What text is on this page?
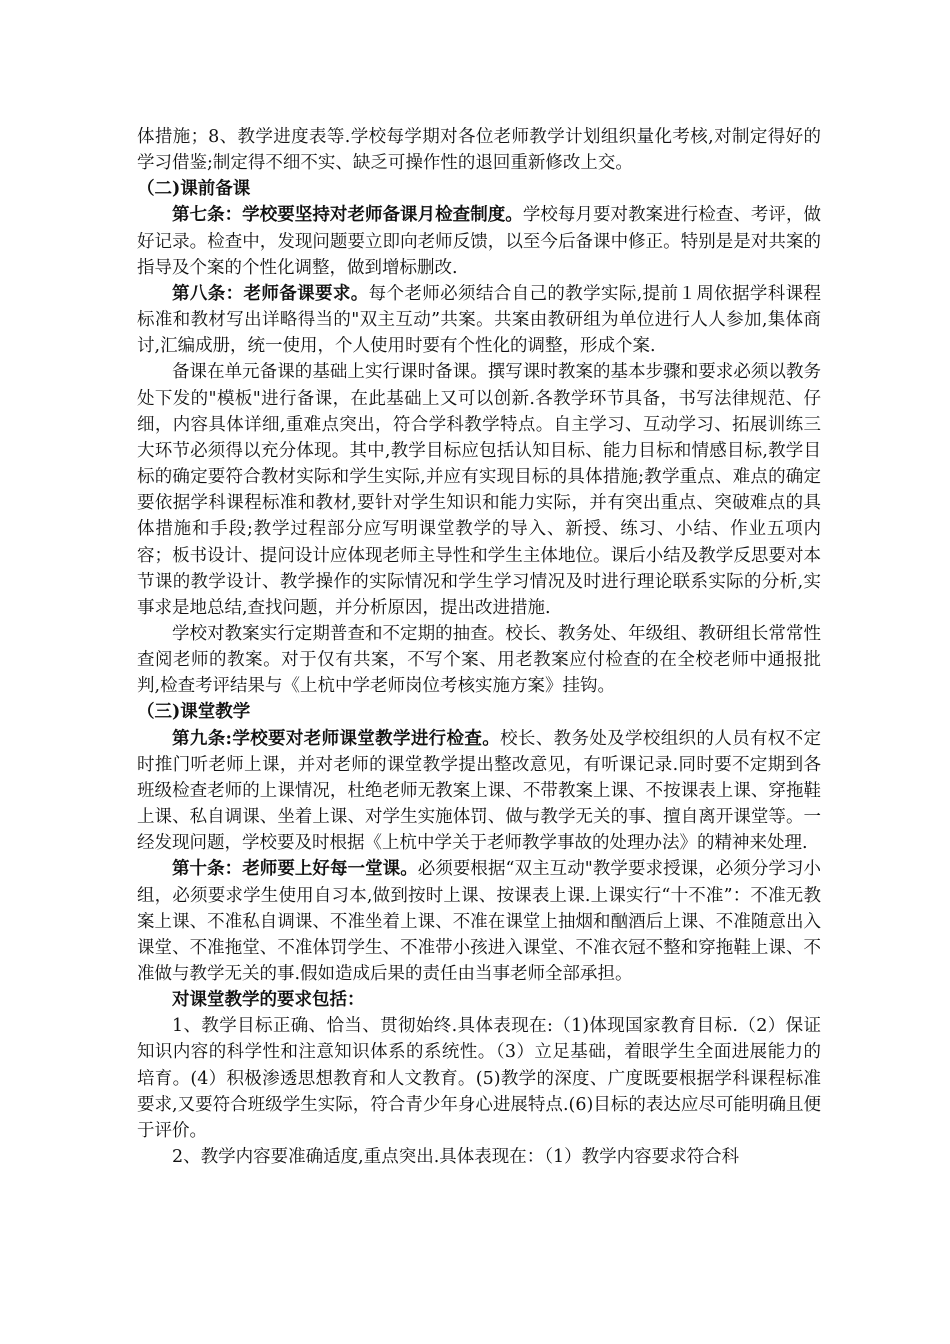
体措施；8、教学进度表等.学校每学期对各位老师教学计划组织量化考核,对制定得好的学习借鉴;制定得不细不实、缺乏可操作性的退回重新修改上交。

（二)课前备课

第七条：学校要坚持对老师备课月检查制度。学校每月要对教案进行检查、考评，做好记录。检查中，发现问题要立即向老师反馈，以至今后备课中修正。特别是是对共案的指导及个案的个性化调整，做到增标删改.

第八条：老师备课要求。每个老师必须结合自己的教学实际,提前１周依据学科课程标准和教材写出详略得当的"双主互动”共案。共案由教研组为单位进行人人参加,集体商讨,汇编成册，统一使用，个人使用时要有个性化的调整，形成个案.

备课在单元备课的基础上实行课时备课。撰写课时教案的基本步骤和要求必须以教务处下发的"模板"进行备课，在此基础上又可以创新.各教学环节具备，书写法律规范、仔细，内容具体详细,重难点突出，符合学科教学特点。自主学习、互动学习、拓展训练三大环节必须得以充分体现。其中,教学目标应包括认知目标、能力目标和情感目标,教学目标的确定要符合教材实际和学生实际,并应有实现目标的具体措施;教学重点、难点的确定要依据学科课程标准和教材,要针对学生知识和能力实际，并有突出重点、突破难点的具体措施和手段;教学过程部分应写明课堂教学的导入、新授、练习、小结、作业五项内容；板书设计、提问设计应体现老师主导性和学生主体地位。课后小结及教学反思要对本节课的教学设计、教学操作的实际情况和学生学习情况及时进行理论联系实际的分析,实事求是地总结,查找问题，并分析原因，提出改进措施.

学校对教案实行定期普查和不定期的抽查。校长、教务处、年级组、教研组长常常性查阅老师的教案。对于仅有共案，不写个案、用老教案应付检查的在全校老师中通报批判,检查考评结果与《上杭中学老师岗位考核实施方案》挂钩。

（三)课堂教学

第九条:学校要对老师课堂教学进行检查。校长、教务处及学校组织的人员有权不定时推门听老师上课，并对老师的课堂教学提出整改意见，有听课记录.同时要不定期到各班级检查老师的上课情况，杜绝老师无教案上课、不带教案上课、不按课表上课、穿拖鞋上课、私自调课、坐着上课、对学生实施体罚、做与教学无关的事、擅自离开课堂等。一经发现问题，学校要及时根据《上杭中学关于老师教学事故的处理办法》的精神来处理.

第十条：老师要上好每一堂课。必须要根据“双主互动"教学要求授课，必须分学习小组，必须要求学生使用自习本,做到按时上课、按课表上课.上课实行“十不准”：不准无教案上课、不准私自调课、不准坐着上课、不准在课堂上抽烟和酗酒后上课、不准随意出入课堂、不准拖堂、不准体罚学生、不准带小孩进入课堂、不准衣冠不整和穿拖鞋上课、不准做与教学无关的事.假如造成后果的责任由当事老师全部承担。

对课堂教学的要求包括：

1、教学目标正确、恰当、贯彻始终.具体表现在:（1)体现国家教育目标.（2）保证知识内容的科学性和注意知识体系的系统性。（3）立足基础，着眼学生全面进展能力的培育。(4）积极渗透思想教育和人文教育。(5)教学的深度、广度既要根据学科课程标准要求,又要符合班级学生实际，符合青少年身心进展特点.(6)目标的表达应尽可能明确且便于评价。

2、教学内容要准确适度,重点突出.具体表现在：（1）教学内容要求符合科
